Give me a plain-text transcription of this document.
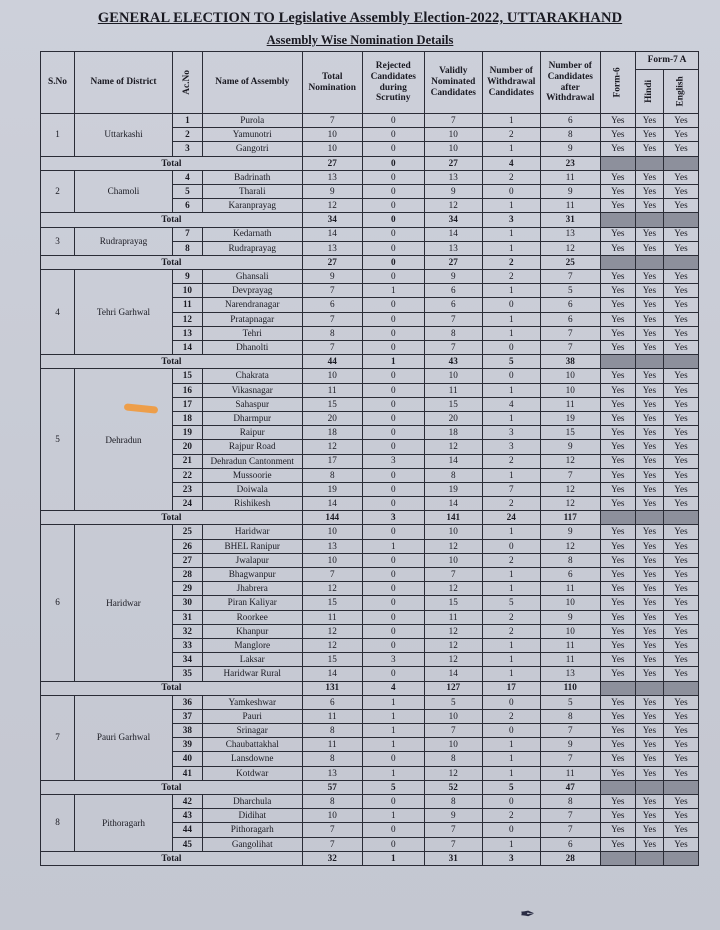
GENERAL ELECTION TO Legislative Assembly Election-2022, UTTARAKHAND
Assembly Wise Nomination Details
S.No	Name of District	Ac.No	Name of Assembly	Total Nomination	Rejected Candidates during Scrutiny	Validly Nominated Candidates	Number of Withdrawal Candidates	Number of Candidates after Withdrawal	Form-6	Form-7 A	
										Hindi	English
1	Uttarkashi	1	Purola	7	0	7	1	6	Yes	Yes	Yes
		2	Yamunotri	10	0	10	2	8	Yes	Yes	Yes
		3	Gangotri	10	0	10	1	9	Yes	Yes	Yes
Total				27	0	27	4	23			
2	Chamoli	4	Badrinath	13	0	13	2	11	Yes	Yes	Yes
		5	Tharali	9	0	9	0	9	Yes	Yes	Yes
		6	Karanprayag	12	0	12	1	11	Yes	Yes	Yes
Total				34	0	34	3	31			
3	Rudraprayag	7	Kedarnath	14	0	14	1	13	Yes	Yes	Yes
		8	Rudraprayag	13	0	13	1	12	Yes	Yes	Yes
Total				27	0	27	2	25			
4	Tehri Garhwal	9	Ghansali	9	0	9	2	7	Yes	Yes	Yes
		10	Devprayag	7	1	6	1	5	Yes	Yes	Yes
		11	Narendranagar	6	0	6	0	6	Yes	Yes	Yes
		12	Pratapnagar	7	0	7	1	6	Yes	Yes	Yes
		13	Tehri	8	0	8	1	7	Yes	Yes	Yes
		14	Dhanolti	7	0	7	0	7	Yes	Yes	Yes
Total				44	1	43	5	38			
5	Dehradun	15	Chakrata	10	0	10	0	10	Yes	Yes	Yes
		16	Vikasnagar	11	0	11	1	10	Yes	Yes	Yes
		17	Sahaspur	15	0	15	4	11	Yes	Yes	Yes
		18	Dharmpur	20	0	20	1	19	Yes	Yes	Yes
		19	Raipur	18	0	18	3	15	Yes	Yes	Yes
		20	Rajpur Road	12	0	12	3	9	Yes	Yes	Yes
		21	Dehradun Cantonment	17	3	14	2	12	Yes	Yes	Yes
		22	Mussoorie	8	0	8	1	7	Yes	Yes	Yes
		23	Doiwala	19	0	19	7	12	Yes	Yes	Yes
		24	Rishikesh	14	0	14	2	12	Yes	Yes	Yes
Total				144	3	141	24	117			
6	Haridwar	25	Haridwar	10	0	10	1	9	Yes	Yes	Yes
		26	BHEL Ranipur	13	1	12	0	12	Yes	Yes	Yes
		27	Jwalapur	10	0	10	2	8	Yes	Yes	Yes
		28	Bhagwanpur	7	0	7	1	6	Yes	Yes	Yes
		29	Jhabrera	12	0	12	1	11	Yes	Yes	Yes
		30	Piran Kaliyar	15	0	15	5	10	Yes	Yes	Yes
		31	Roorkee	11	0	11	2	9	Yes	Yes	Yes
		32	Khanpur	12	0	12	2	10	Yes	Yes	Yes
		33	Manglore	12	0	12	1	11	Yes	Yes	Yes
		34	Laksar	15	3	12	1	11	Yes	Yes	Yes
		35	Haridwar Rural	14	0	14	1	13	Yes	Yes	Yes
Total				131	4	127	17	110			
7	Pauri Garhwal	36	Yamkeshwar	6	1	5	0	5	Yes	Yes	Yes
		37	Pauri	11	1	10	2	8	Yes	Yes	Yes
		38	Srinagar	8	1	7	0	7	Yes	Yes	Yes
		39	Chaubattakhal	11	1	10	1	9	Yes	Yes	Yes
		40	Lansdowne	8	0	8	1	7	Yes	Yes	Yes
		41	Kotdwar	13	1	12	1	11	Yes	Yes	Yes
Total				57	5	52	5	47			
8	Pithoragarh	42	Dharchula	8	0	8	0	8	Yes	Yes	Yes
		43	Didihat	10	1	9	2	7	Yes	Yes	Yes
		44	Pithoragarh	7	0	7	0	7	Yes	Yes	Yes
		45	Gangolihat	7	0	7	1	6	Yes	Yes	Yes
Total				32	1	31	3	28			
✒
